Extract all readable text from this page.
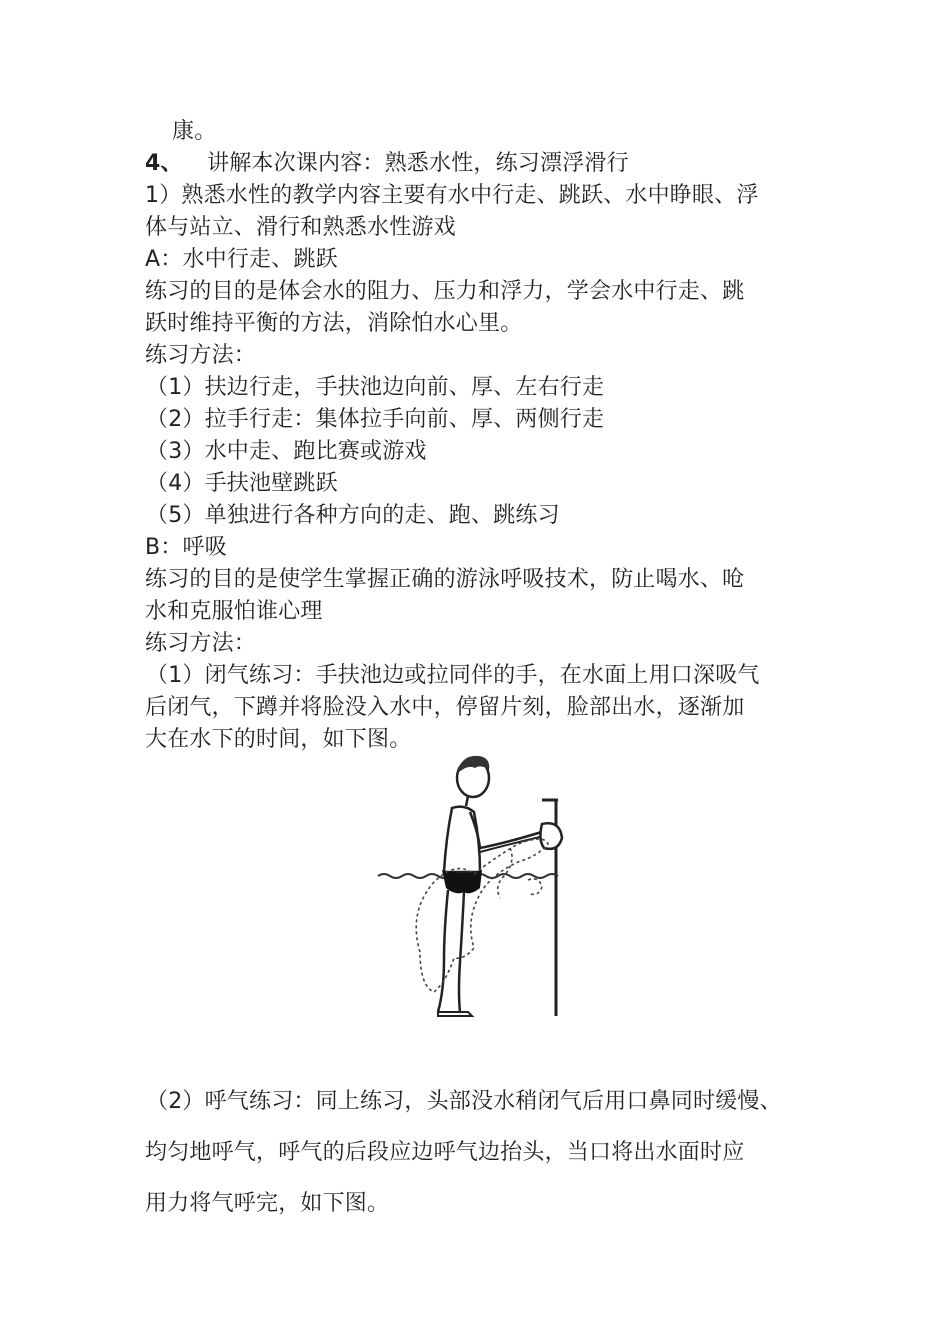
康。
4、 讲解本次课内容：熟悉水性，练习漂浮滑行
1）熟悉水性的教学内容主要有水中行走、跳跃、水中睁眼、浮
体与站立、滑行和熟悉水性游戏
A：水中行走、跳跃
练习的目的是体会水的阻力、压力和浮力，学会水中行走、跳
跃时维持平衡的方法，消除怕水心里。
练习方法：
（1）扶边行走，手扶池边向前、厚、左右行走
（2）拉手行走：集体拉手向前、厚、两侧行走
（3）水中走、跑比赛或游戏
（4）手扶池壁跳跃
（5）单独进行各种方向的走、跑、跳练习
B：呼吸
练习的目的是使学生掌握正确的游泳呼吸技术，防止喝水、呛
水和克服怕谁心理
练习方法：
（1）闭气练习：手扶池边或拉同伴的手，在水面上用口深吸气
后闭气，下蹲并将脸没入水中，停留片刻，脸部出水，逐渐加
大在水下的时间，如下图。
（2）呼气练习：同上练习，头部没水稍闭气后用口鼻同时缓慢、
均匀地呼气，呼气的后段应边呼气边抬头，当口将出水面时应
用力将气呼完，如下图。
